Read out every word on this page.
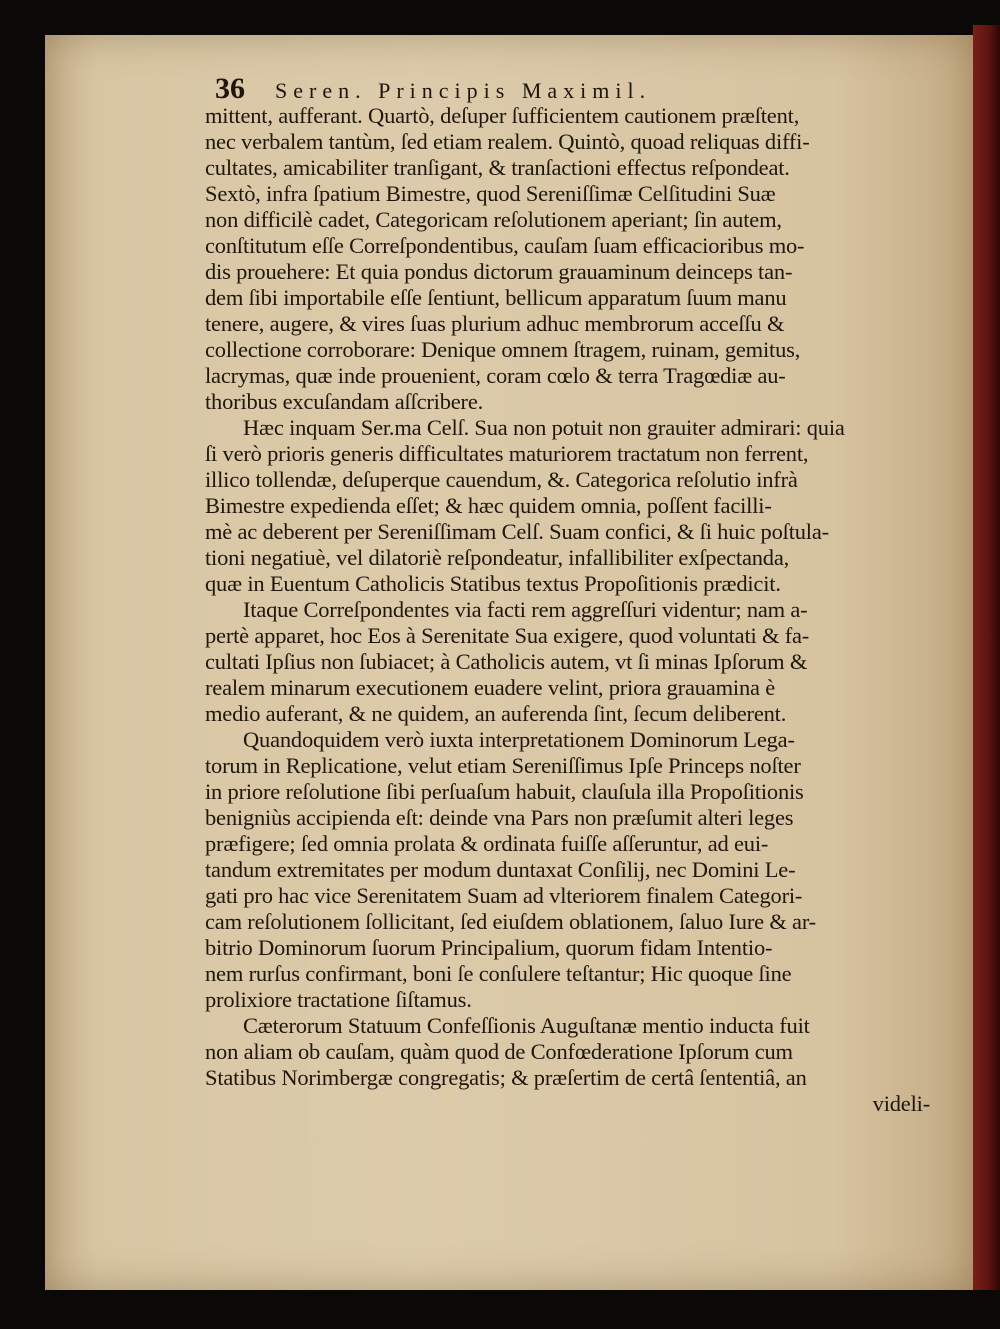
36 Seren. Principis Maximil.
mittent, aufferant. Quartò, deſuper ſufficientem cautionem præſtent,
nec verbalem tantùm, ſed etiam realem. Quintò, quoad reliquas diffi-
cultates, amicabiliter tranſigant, & tranſactioni effectus reſpondeat.
Sextò, infra ſpatium Bimestre, quod Sereniſſimæ Celſitudini Suæ
non difficilè cadet, Categoricam reſolutionem aperiant; ſin autem,
conſtitutum eſſe Correſpondentibus, cauſam ſuam efficacioribus mo-
dis prouehere: Et quia pondus dictorum grauaminum deinceps tan-
dem ſibi importabile eſſe ſentiunt, bellicum apparatum ſuum manu
tenere, augere, & vires ſuas plurium adhuc membrorum acceſſu &
collectione corroborare: Denique omnem ſtragem, ruinam, gemitus,
lacrymas, quæ inde prouenient, coram cœlo & terra Tragœdiæ au-
thoribus excuſandam aſſcribere.
Hæc inquam Ser.ma Celſ. Sua non potuit non grauiter admirari: quia
ſi verò prioris generis difficultates maturiorem tractatum non ferrent,
illico tollendæ, deſuperque cauendum, &. Categorica reſolutio infrà
Bimestre expedienda eſſet; & hæc quidem omnia, poſſent facilli-
mè ac deberent per Sereniſſimam Celſ. Suam confici, & ſi huic poſtula-
tioni negatiuè, vel dilatoriè reſpondeatur, infallibiliter exſpectanda,
quæ in Euentum Catholicis Statibus textus Propoſitionis prædicit.
Itaque Correſpondentes via facti rem aggreſſuri videntur; nam a-
pertè apparet, hoc Eos à Serenitate Sua exigere, quod voluntati & fa-
cultati Ipſius non ſubiacet; à Catholicis autem, vt ſi minas Ipſorum &
realem minarum executionem euadere velint, priora grauamina è
medio auferant, & ne quidem, an auferenda ſint, ſecum deliberent.
Quandoquidem verò iuxta interpretationem Dominorum Lega-
torum in Replicatione, velut etiam Sereniſſimus Ipſe Princeps noſter
in priore reſolutione ſibi perſuaſum habuit, clauſula illa Propoſitionis
benigniùs accipienda eſt: deinde vna Pars non præſumit alteri leges
præfigere; ſed omnia prolata & ordinata fuiſſe aſſeruntur, ad eui-
tandum extremitates per modum duntaxat Conſilij, nec Domini Le-
gati pro hac vice Serenitatem Suam ad vlteriorem finalem Categori-
cam reſolutionem ſollicitant, ſed eiuſdem oblationem, ſaluo Iure & ar-
bitrio Dominorum ſuorum Principalium, quorum fidam Intentio-
nem rurſus confirmant, boni ſe conſulere teſtantur; Hic quoque ſine
prolixiore tractatione ſiſtamus.
Cæterorum Statuum Confeſſionis Auguſtanæ mentio inducta fuit
non aliam ob cauſam, quàm quod de Confœderatione Ipſorum cum
Statibus Norimbergæ congregatis; & præſertim de certâ ſententiâ, an
videli-
